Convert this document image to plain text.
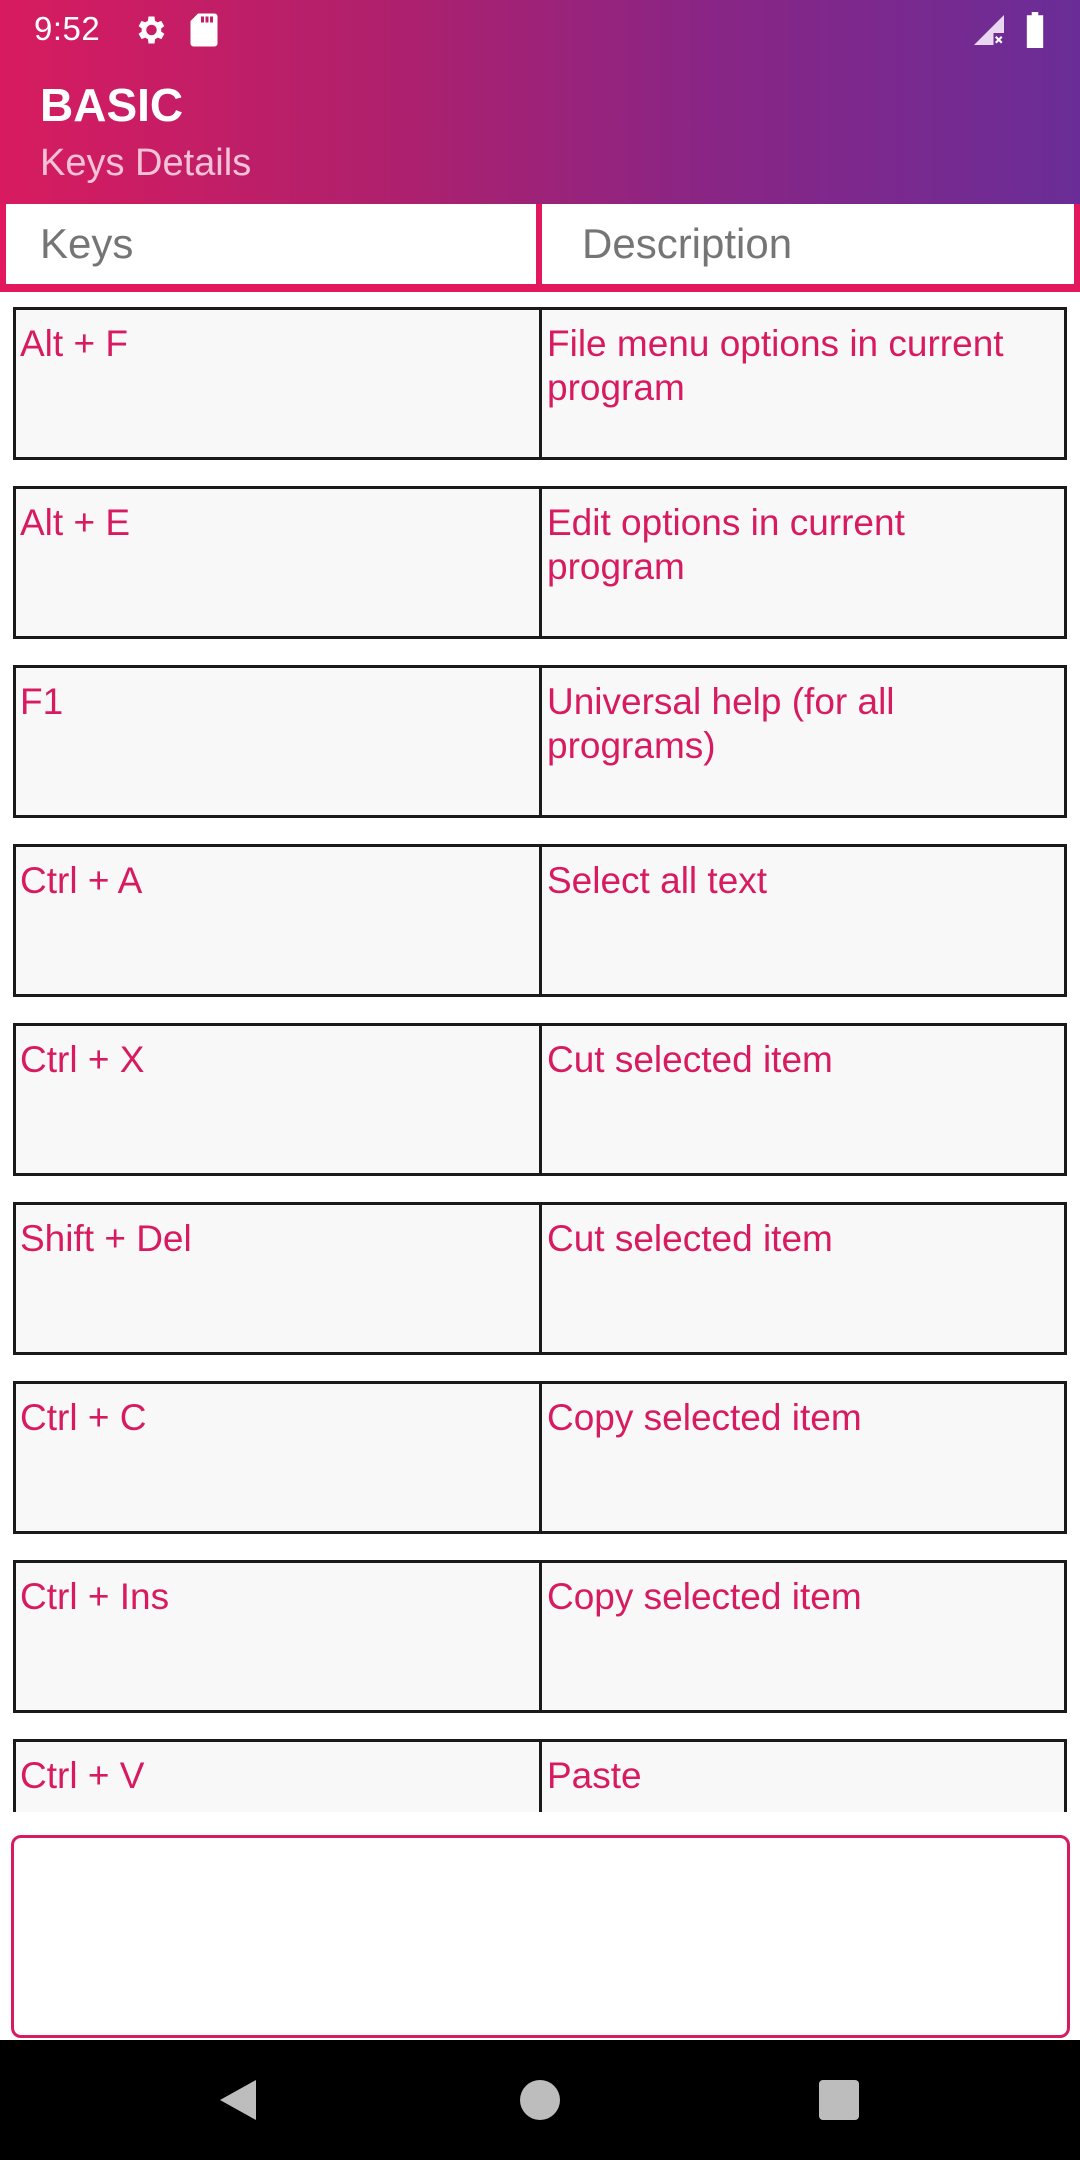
9:52
BASIC
Keys Details
Keys	Description
Alt + F	File menu options in current program
Alt + E	Edit options in current program
F1	Universal help (for all programs)
Ctrl + A	Select all text
Ctrl + X	Cut selected item
Shift + Del	Cut selected item
Ctrl + C	Copy selected item
Ctrl + Ins	Copy selected item
Ctrl + V	Paste
